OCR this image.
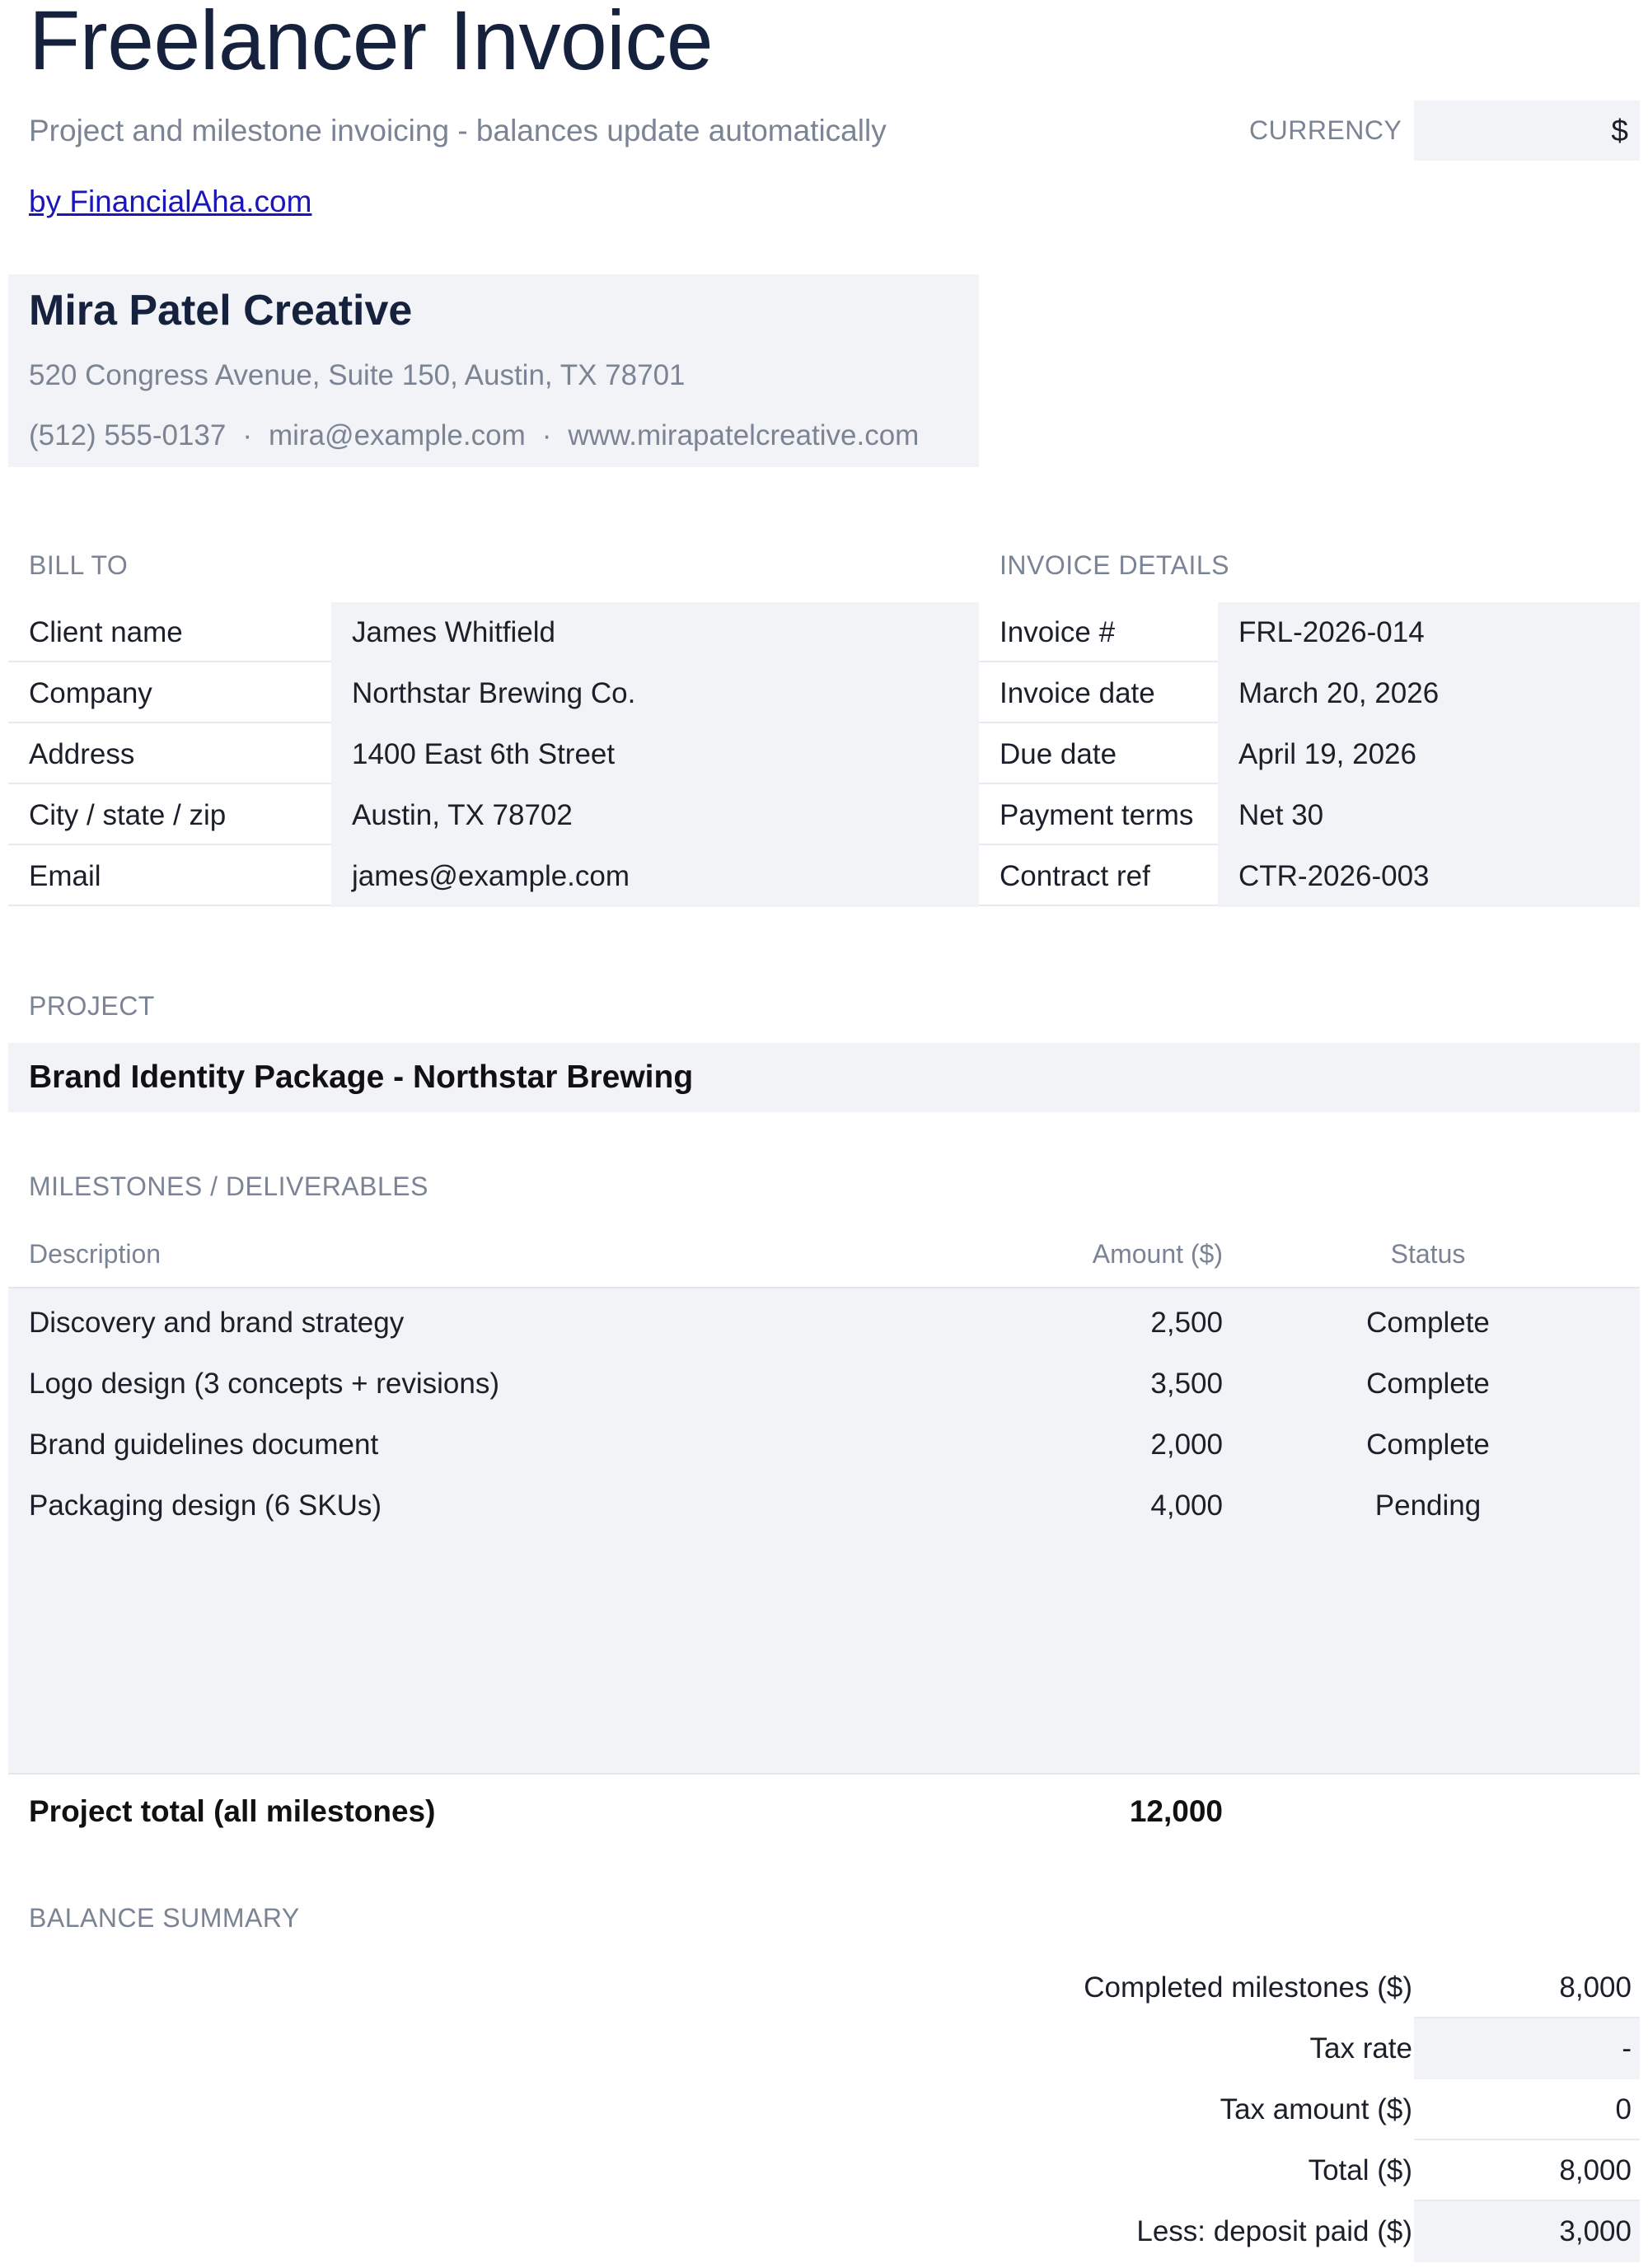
Freelancer Invoice
Project and milestone invoicing - balances update automatically
by FinancialAha.com
CURRENCY	$
Mira Patel Creative
520 Congress Avenue, Suite 150, Austin, TX 78701
(512) 555-0137 · mira@example.com · www.mirapatelcreative.com
BILL TO
Client name	James Whitfield
Company	Northstar Brewing Co.
Address	1400 East 6th Street
City / state / zip	Austin, TX 78702
Email	james@example.com
INVOICE DETAILS
Invoice #	FRL-2026-014
Invoice date	March 20, 2026
Due date	April 19, 2026
Payment terms	Net 30
Contract ref	CTR-2026-003
PROJECT
Brand Identity Package - Northstar Brewing
MILESTONES / DELIVERABLES
Description	Amount ($)	Status
Discovery and brand strategy	2,500	Complete
Logo design (3 concepts + revisions)	3,500	Complete
Brand guidelines document	2,000	Complete
Packaging design (6 SKUs)	4,000	Pending
Project total (all milestones)	12,000
BALANCE SUMMARY
Completed milestones ($)	8,000
Tax rate	-
Tax amount ($)	0
Total ($)	8,000
Less: deposit paid ($)	3,000
